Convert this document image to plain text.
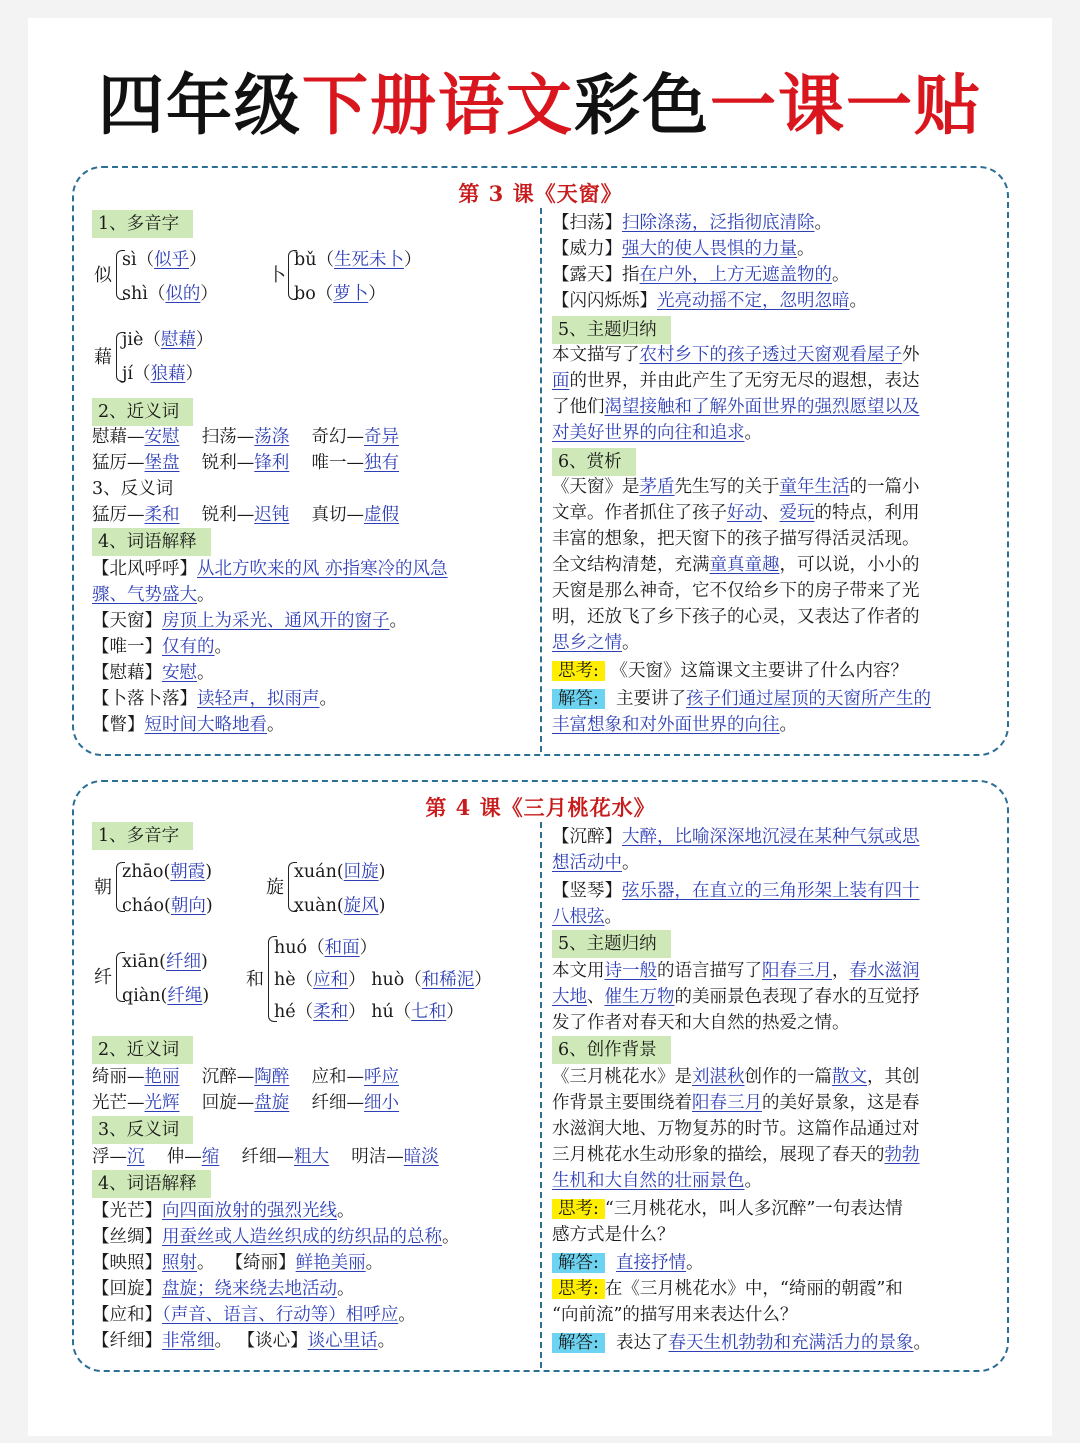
四年级下册语文彩色一课一贴
第 3 课《天窗》
1、多音字
似
sì（似乎）
shì（似的）
卜
bǔ（生死未卜）
bo（萝卜）
藉
jiè（慰藉）
jí（狼藉）
2、近义词
慰藉—安慰 扫荡—荡涤 奇幻—奇异
猛厉—堡盘 锐利—锋利 唯一—独有
3、反义词
猛厉—柔和 锐利—迟钝 真切—虚假
4、词语解释
【北风呼呼】从北方吹来的风 亦指寒冷的风急
骤、气势盛大。
【天窗】房顶上为采光、通风开的窗子。
【唯一】仅有的。
【慰藉】安慰。
【卜落卜落】读轻声，拟雨声。
【瞥】短时间大略地看。
【扫荡】扫除涤荡，泛指彻底清除。
【威力】强大的使人畏惧的力量。
【露天】指在户外，上方无遮盖物的。
【闪闪烁烁】光亮动摇不定，忽明忽暗。
5、主题归纳
本文描写了农村乡下的孩子透过天窗观看屋子外
面的世界，并由此产生了无穷无尽的遐想，表达
了他们渴望接触和了解外面世界的强烈愿望以及
对美好世界的向往和追求。
6、赏析
《天窗》是茅盾先生写的关于童年生活的一篇小
文章。作者抓住了孩子好动、爱玩的特点，利用
丰富的想象，把天窗下的孩子描写得活灵活现。
全文结构清楚，充满童真童趣，可以说，小小的
天窗是那么神奇，它不仅给乡下的房子带来了光
明，还放飞了乡下孩子的心灵，又表达了作者的
思乡之情。
思考: 《天窗》这篇课文主要讲了什么内容？
解答: 主要讲了孩子们通过屋顶的天窗所产生的
丰富想象和对外面世界的向往。
第 4 课《三月桃花水》
1、多音字
朝
zhāo(朝霞)
cháo(朝向)
旋
xuán(回旋)
xuàn(旋风)
纤
xiān(纤细)
qiàn(纤绳)
和
huó（和面）
hè（应和） huò（和稀泥）
hé（柔和） hú（七和）
2、近义词
绮丽—艳丽 沉醉—陶醉 应和—呼应
光芒—光辉 回旋—盘旋 纤细—细小
3、反义词
浮—沉 伸—缩 纤细—粗大 明洁—暗淡
4、词语解释
【光芒】向四面放射的强烈光线。
【丝绸】用蚕丝或人造丝织成的纺织品的总称。
【映照】照射。 【绮丽】鲜艳美丽。
【回旋】盘旋；绕来绕去地活动。
【应和】（声音、语言、行动等）相呼应。
【纤细】非常细。 【谈心】谈心里话。
【沉醉】大醉，比喻深深地沉浸在某种气氛或思
想活动中。
【竖琴】弦乐器，在直立的三角形架上装有四十
八根弦。
5、主题归纳
本文用诗一般的语言描写了阳春三月，春水滋润
大地、催生万物的美丽景色表现了春水的互觉抒
发了作者对春天和大自然的热爱之情。
6、创作背景
《三月桃花水》是刘湛秋创作的一篇散文，其创
作背景主要围绕着阳春三月的美好景象，这是春
水滋润大地、万物复苏的时节。这篇作品通过对
三月桃花水生动形象的描绘，展现了春天的勃勃
生机和大自然的壮丽景色。
思考: “三月桃花水，叫人多沉醉”一句表达情
感方式是什么？
解答: 直接抒情。
思考: 在《三月桃花水》中，“绮丽的朝霞”和
“向前流”的描写用来表达什么？
解答: 表达了春天生机勃勃和充满活力的景象。
